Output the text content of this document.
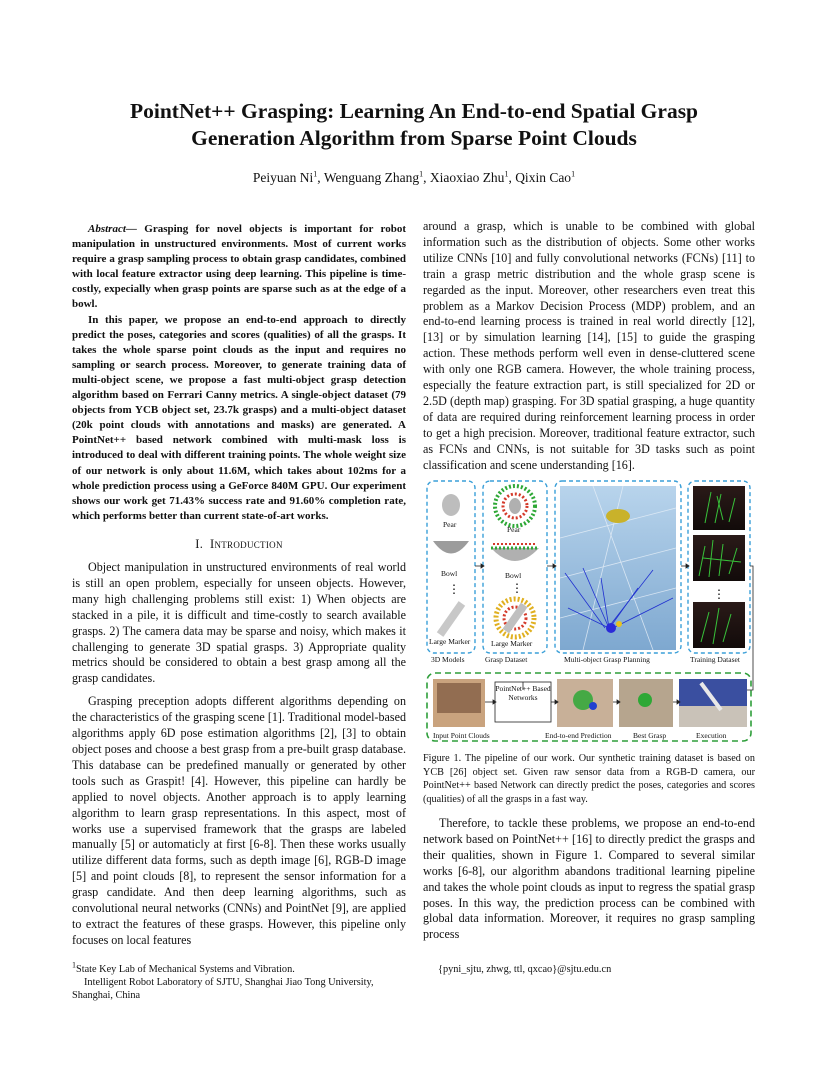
PointNet++ Grasping: Learning An End-to-end Spatial Grasp
Generation Algorithm from Sparse Point Clouds
Peiyuan Ni$^1$, Wenguang Zhang$^1$, Xiaoxiao Zhu$^1$, Qixin Cao$^1$

Abstract— Grasping for novel objects is important for robot manipulation in unstructured environments. Most of current works require a grasp sampling process to obtain grasp candidates, combined with local feature extractor using deep learning. This pipeline is time-costly, expecially when grasp points are sparse such as at the edge of a bowl.

In this paper, we propose an end-to-end approach to directly predict the poses, categories and scores (qualities) of all the grasps. It takes the whole sparse point clouds as the input and requires no sampling or search process. Moreover, to generate training data of multi-object scene, we propose a fast multi-object grasp detection algorithm based on Ferrari Canny metrics. A single-object dataset (79 objects from YCB object set, 23.7k grasps) and a multi-object dataset (20k point clouds with annotations and masks) are generated. A PointNet++ based network combined with multi-mask loss is introduced to deal with different training points. The whole weight size of our network is only about 11.6M, which takes about 102ms for a whole prediction process using a GeForce 840M GPU. Our experiment shows our work get 71.43% success rate and 91.60% completion rate, which performs better than current state-of-art works.

I. Introduction

Object manipulation in unstructured environments of real world is still an open problem, especially for unseen objects. However, many high challenging problems still exist: 1) When objects are stacked in a pile, it is difficult and time-costly to search available grasps. 2) The camera data may be sparse and noisy, which makes it challenging to generate 3D spatial grasps. 3) Appropriate quality metrics should be considered to obtain a best grasp among all the grasp candidates.

Grasping preception adopts different algorithms depending on the characteristics of the grasping scene [1]. Traditional model-based algorithms apply 6D pose estimation algorithms [2], [3] to obtain object poses and choose a best grasp from a pre-built grasp database. This database can be predefined manually or generated by other tools such as Graspit! [4]. However, this pipeline can hardly be applied to novel objects. Another approach is to apply learning algorithm to learn grasp representations. In this aspect, most of works use a supervised framework that the grasps are labeled manually [5] or automaticly at first [6-8]. Then these works usually utilize different data forms, such as depth image [6], RGB-D image [5] and point clouds [8], to represent the sensor information for a grasp candidate. And then deep learning algorithms, such as convolutional neural networks (CNNs) and PointNet [9], are applied to extract the features of these grasps. However, this pipeline only focuses on local features

around a grasp, which is unable to be combined with global information such as the distribution of objects. Some other works utilize CNNs [10] and fully convolutional networks (FCNs) [11] to train a grasp metric distribution and the whole grasp scene is regarded as the input. Moreover, other researchers even treat this problem as a Markov Decision Process (MDP) problem, and an end-to-end learning process is trained in real world directly [12], [13] or by simulation learning [14], [15] to guide the grasping action. These methods perform well even in dense-cluttered scene with only one RGB camera. However, the whole training process, especially the feature extraction part, is still specialized for 2D or 2.5D (depth map) grasping. For 3D spatial grasping, a huge quantity of data are required during reinforcement learning process in order to get a high precision. Moreover, traditional feature extractor, such as FCNs and CNNs, is not suitable for 3D tasks such as point classification and scene understanding [16].

Pear
Bowl
⋮
Large Marker
3D Models
Pear
Bowl
⋮
Large Marker
Grasp Dataset	Multi-object Grasp Planning
⋮
Training Dataset
Input Point Clouds
PointNet++ Based Networks
End-to-end Prediction	Best Grasp	Execution
Figure 1. The pipeline of our work. Our synthetic training dataset is based on YCB [26] object set. Given raw sensor data from a RGB-D camera, our PointNet++ based Network can directly predict the poses, categories and scores (qualities) of all the grasps in a fast way.

Therefore, to tackle these problems, we propose an end-to-end network based on PointNet++ [16] to directly predict the grasps and their qualities, shown in Figure 1. Compared to several similar works [6-8], our algorithm abandons traditional learning pipeline and takes the whole point clouds as input to regress the spatial grasp poses. In this way, the prediction process can be combined with global data information. Moreover, it requires no grasp sampling process

$^1$State Key Lab of Mechanical Systems and Vibration.

Intelligent Robot Laboratory of SJTU, Shanghai Jiao Tong University, Shanghai, China

{pyni_sjtu, zhwg, ttl, qxcao}@sjtu.edu.cn
